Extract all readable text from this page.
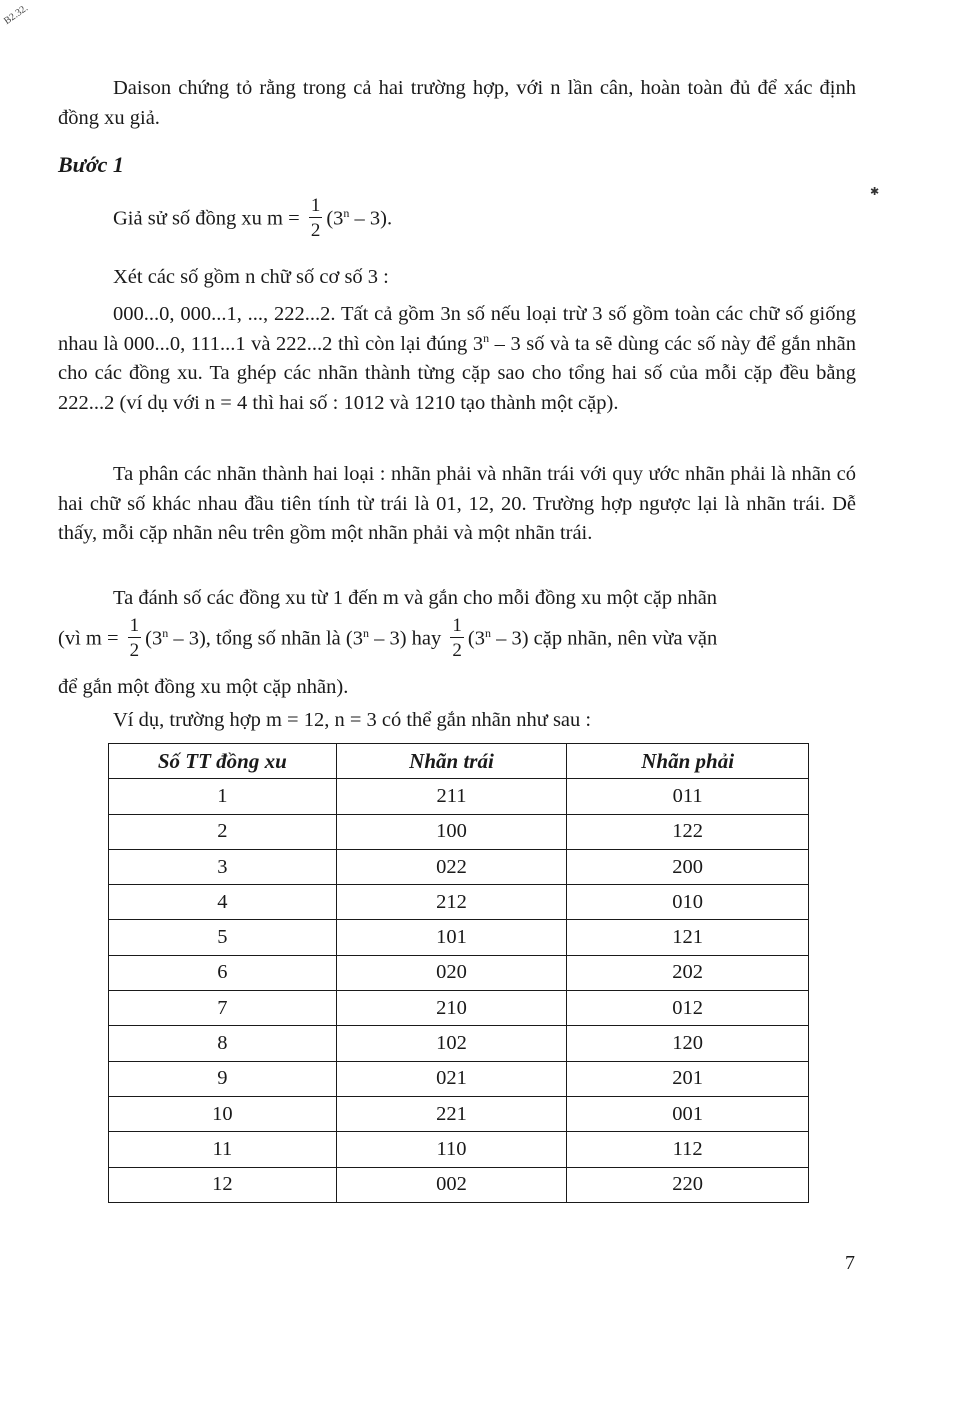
B2.32.
✱

Daison chứng tỏ rằng trong cả hai trường hợp, với n lần cân, hoàn toàn đủ để xác định đồng xu giả.

Bước 1

Giả sử số đồng xu $m = \frac{1}{2} (3^n - 3)$.

Xét các số gồm n chữ số cơ số 3 :

000...0, 000...1, ..., 222...2. Tất cả gồm 3n số nếu loại trừ 3 số gồm toàn các chữ số giống nhau là 000...0, 111...1 và 222...2 thì còn lại đúng 3$^n$ – 3 số và ta sẽ dùng các số này để gắn nhãn cho các đồng xu. Ta ghép các nhãn thành từng cặp sao cho tổng hai số của mỗi cặp đều bằng 222...2 (ví dụ với n = 4 thì hai số : 1012 và 1210 tạo thành một cặp).

Ta phân các nhãn thành hai loại : nhãn phải và nhãn trái với quy ước nhãn phải là nhãn có hai chữ số khác nhau đầu tiên tính từ trái là 01, 12, 20. Trường hợp ngược lại là nhãn trái. Dễ thấy, mỗi cặp nhãn nêu trên gồm một nhãn phải và một nhãn trái.

Ta đánh số các đồng xu từ 1 đến m và gắn cho mỗi đồng xu một cặp nhãn

(vì $m = \frac{1}{2} (3^n - 3)$, tổng số nhãn là (3$^n$ – 3) hay $\frac{1}{2} (3^n - 3)$ cặp nhãn, nên vừa vặn

để gắn một đồng xu một cặp nhãn).

Ví dụ, trường hợp m = 12, n = 3 có thể gắn nhãn như sau :

Số TT đồng xu	Nhãn trái	Nhãn phải
1	211	011
2	100	122
3	022	200
4	212	010
5	101	121
6	020	202
7	210	012
8	102	120
9	021	201
10	221	001
11	110	112
12	002	220
7
